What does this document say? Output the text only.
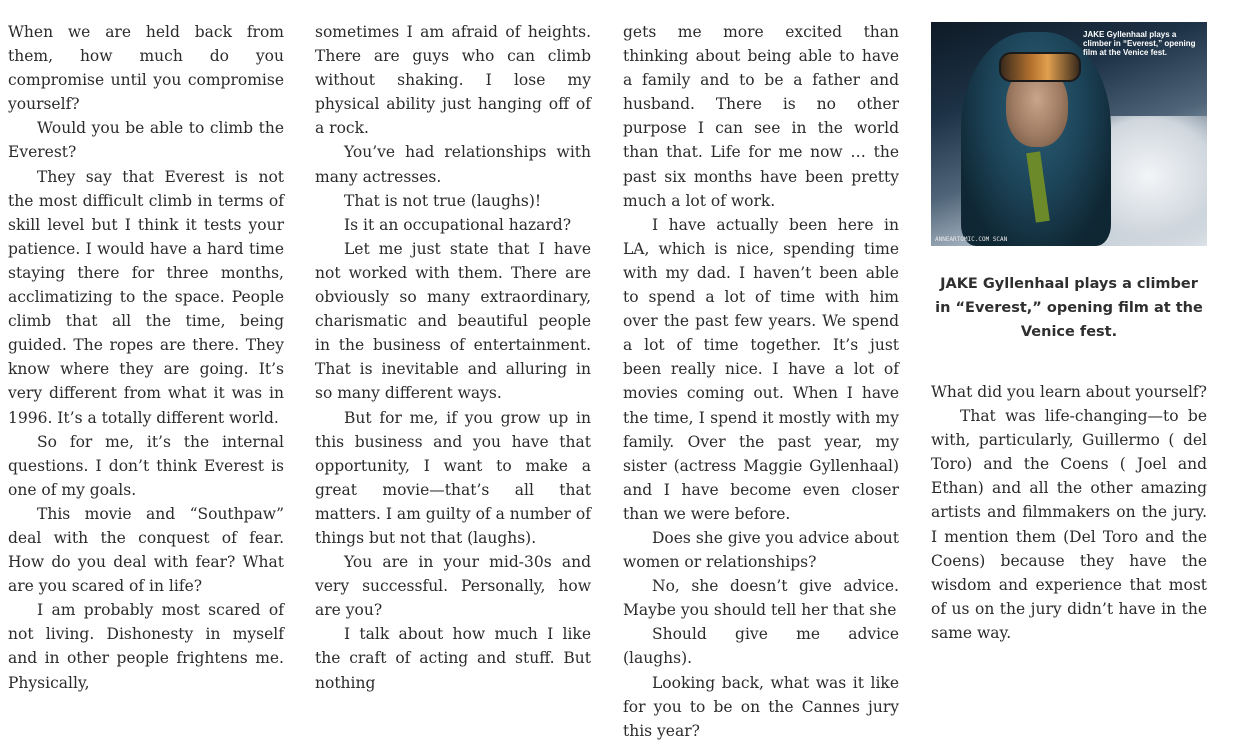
When we are held back from them, how much do you compromise until you compromise yourself?

Would you be able to climb the Everest?

They say that Everest is not the most difficult climb in terms of skill level but I think it tests your patience. I would have a hard time staying there for three months, acclimatizing to the space. People climb that all the time, being guided. The ropes are there. They know where they are going. It’s very different from what it was in 1996. It’s a totally different world.

So for me, it’s the internal questions. I don’t think Everest is one of my goals.

This movie and “Southpaw” deal with the conquest of fear. How do you deal with fear? What are you scared of in life?

I am probably most scared of not living. Dishonesty in myself and in other people frightens me. Physically,

sometimes I am afraid of heights. There are guys who can climb without shaking. I lose my physical ability just hanging off of a rock.

You’ve had relationships with many actresses.

That is not true (laughs)!

Is it an occupational hazard?

Let me just state that I have not worked with them. There are obviously so many extraordinary, charismatic and beautiful people in the business of entertainment. That is inevitable and alluring in so many different ways.

But for me, if you grow up in this business and you have that opportunity, I want to make a great movie—that’s all that matters. I am guilty of a number of things but not that (laughs).

You are in your mid-30s and very successful. Personally, how are you?

I talk about how much I like the craft of acting and stuff. But nothing

gets me more excited than thinking about being able to have a family and to be a father and husband. There is no other purpose I can see in the world than that. Life for me now … the past six months have been pretty much a lot of work.

I have actually been here in LA, which is nice, spending time with my dad. I haven’t been able to spend a lot of time with him over the past few years. We spend a lot of time together. It’s just been really nice. I have a lot of movies coming out. When I have the time, I spend it mostly with my family. Over the past year, my sister (actress Maggie Gyllenhaal) and I have become even closer than we were before.

Does she give you advice about women or relationships?

No, she doesn’t give advice. Maybe you should tell her that she

Should give me advice (laughs).

Looking back, what was it like for you to be on the Cannes jury this year?

JAKE Gyllenhaal plays a climber in “Everest,” opening film at the Venice fest.
ANNEARTOMIC.COM SCAN
JAKE Gyllenhaal plays a climber in “Everest,” opening film at the Venice fest.

What did you learn about yourself?

That was life-changing—to be with, particularly, Guillermo ( del Toro) and the Coens ( Joel and Ethan) and all the other amazing artists and filmmakers on the jury. I mention them (Del Toro and the Coens) because they have the wisdom and experience that most of us on the jury didn’t have in the same way.
